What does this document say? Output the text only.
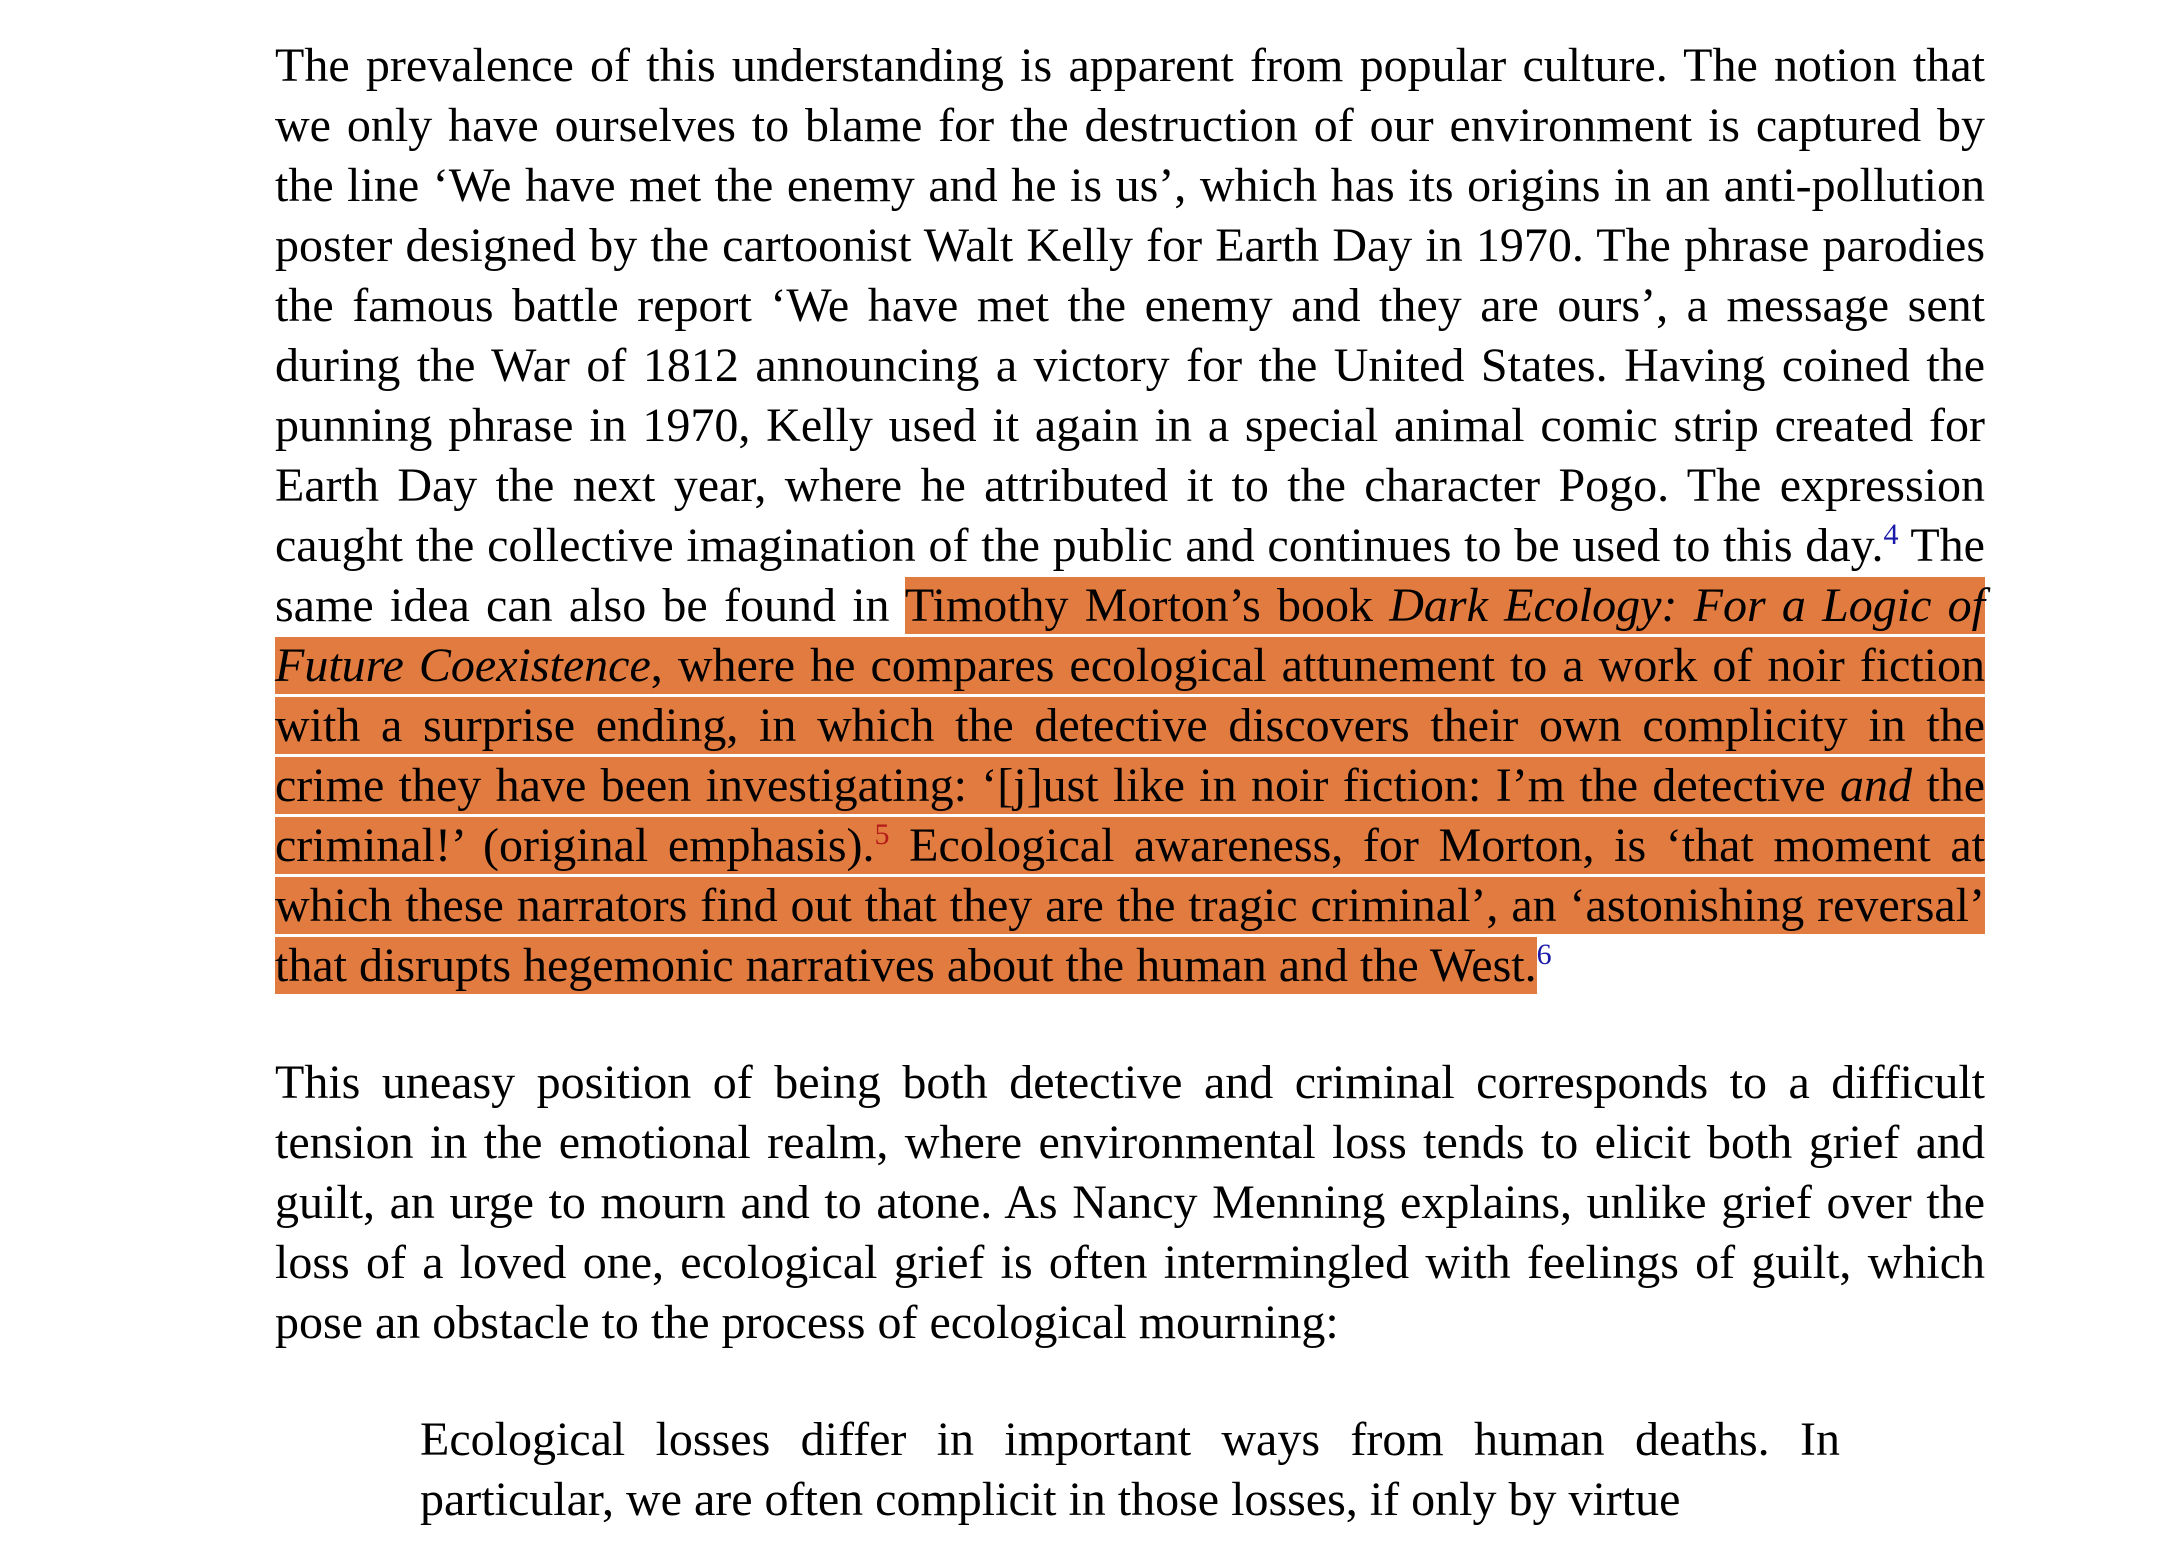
The prevalence of this understanding is apparent from popular culture. The notion that we only have ourselves to blame for the destruction of our environment is captured by the line ‘We have met the enemy and he is us’, which has its origins in an anti-pollution poster designed by the cartoonist Walt Kelly for Earth Day in 1970. The phrase parodies the famous battle report ‘We have met the enemy and they are ours’, a message sent during the War of 1812 announcing a victory for the United States. Having coined the punning phrase in 1970, Kelly used it again in a special animal comic strip created for Earth Day the next year, where he attributed it to the character Pogo. The expression caught the collective imagination of the public and continues to be used to this day.$^4$ The same idea can also be found in Timothy Morton’s book Dark Ecology: For a Logic of Future Coexistence, where he compares ecological attunement to a work of noir fiction with a surprise ending, in which the detective discovers their own complicity in the crime they have been investigating: ‘[j]ust like in noir fiction: I’m the detective and the criminal!’ (original emphasis).$^5$ Ecological awareness, for Morton, is ‘that moment at which these narrators find out that they are the tragic criminal’, an ‘astonishing reversal’ that disrupts hegemonic narratives about the human and the West.$^6$

This uneasy position of being both detective and criminal corresponds to a difficult tension in the emotional realm, where environmental loss tends to elicit both grief and guilt, an urge to mourn and to atone. As Nancy Menning explains, unlike grief over the loss of a loved one, ecological grief is often intermingled with feelings of guilt, which pose an obstacle to the process of ecological mourning:

Ecological losses differ in important ways from human deaths. In particular, we are often complicit in those losses, if only by virtue
